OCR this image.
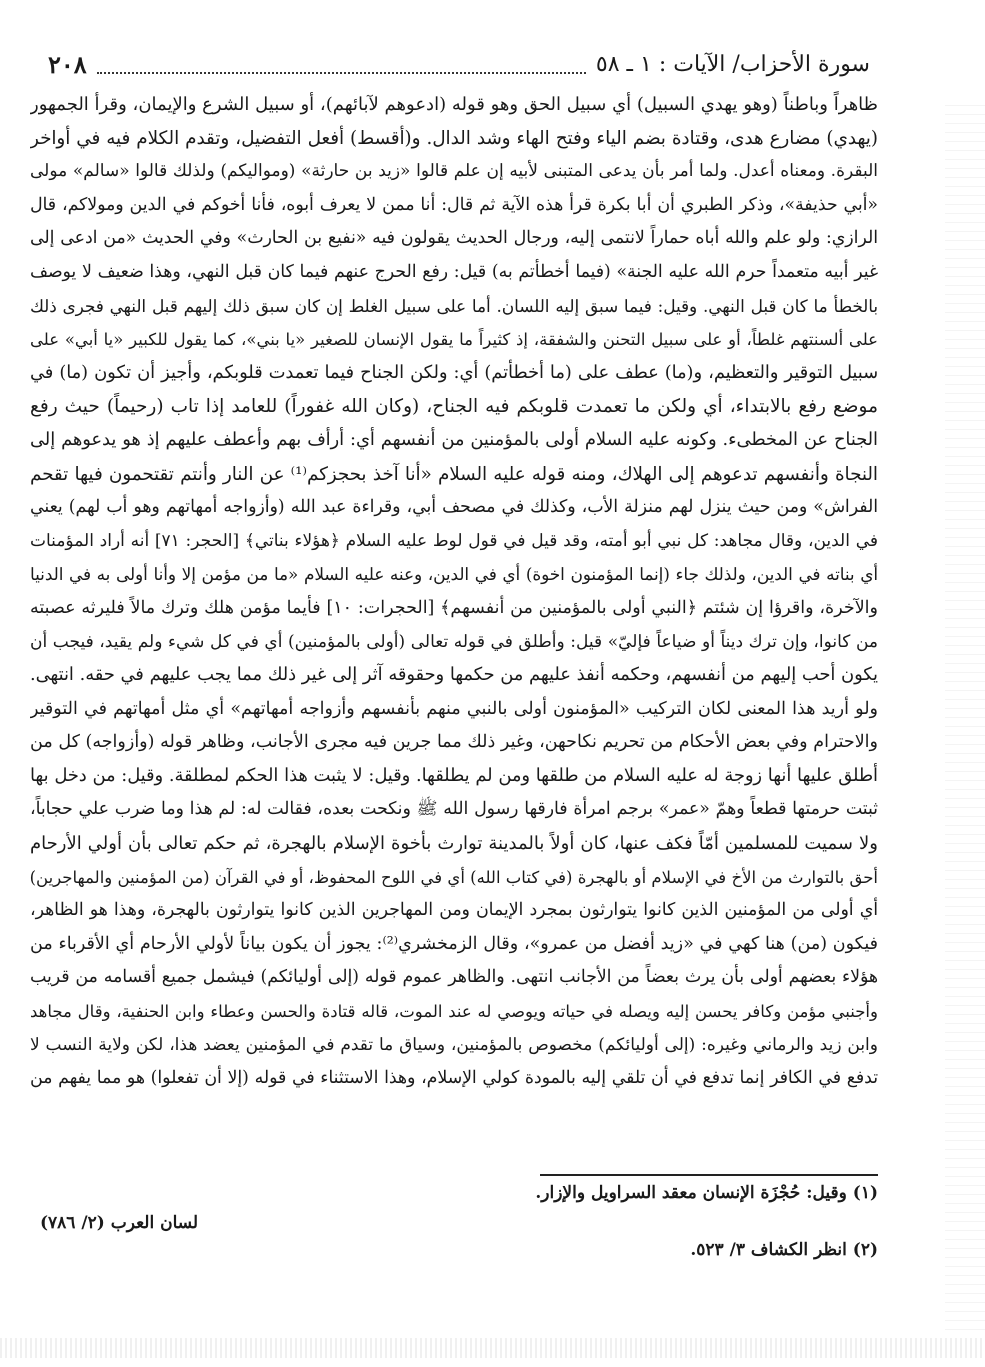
٢٠٨	سورة الأحزاب/ الآيات : ١ ـ ٥٨
ظاهراً وباطناً (وهو يهدي السبيل) أي سبيل الحق وهو قوله (ادعوهم لآبائهم)، أو سبيل الشرع والإيمان، وقرأ الجمهور
(يهدي) مضارع هدى، وقتادة بضم الياء وفتح الهاء وشد الدال. و(أقسط) أفعل التفضيل، وتقدم الكلام فيه في أواخر
البقرة. ومعناه أعدل. ولما أمر بأن يدعى المتبنى لأبيه إن علم قالوا «زيد بن حارثة» (ومواليكم) ولذلك قالوا «سالم» مولى
«أبي حذيفة»، وذكر الطبري أن أبا بكرة قرأ هذه الآية ثم قال: أنا ممن لا يعرف أبوه، فأنا أخوكم في الدين ومولاكم، قال
الرازي: ولو علم والله أباه حماراً لانتمى إليه، ورجال الحديث يقولون فيه «نفيع بن الحارث» وفي الحديث «من ادعى إلى
غير أبيه متعمداً حرم الله عليه الجنة» (فيما أخطأتم به) قيل: رفع الحرج عنهم فيما كان قبل النهي، وهذا ضعيف لا يوصف
بالخطأ ما كان قبل النهي. وقيل: فيما سبق إليه اللسان. أما على سبيل الغلط إن كان سبق ذلك إليهم قبل النهي فجرى ذلك
على ألسنتهم غلطاً، أو على سبيل التحنن والشفقة، إذ كثيراً ما يقول الإنسان للصغير «يا بني»، كما يقول للكبير «يا أبي» على
سبيل التوقير والتعظيم، و(ما) عطف على (ما أخطأتم) أي: ولكن الجناح فيما تعمدت قلوبكم، وأجيز أن تكون (ما) في
موضع رفع بالابتداء، أي ولكن ما تعمدت قلوبكم فيه الجناح، (وكان الله غفوراً) للعامد إذا تاب (رحيماً) حيث رفع
الجناح عن المخطىء. وكونه عليه السلام أولى بالمؤمنين من أنفسهم أي: أرأف بهم وأعطف عليهم إذ هو يدعوهم إلى
النجاة وأنفسهم تدعوهم إلى الهلاك، ومنه قوله عليه السلام «أنا آخذ بحجزكم⁽¹⁾ عن النار وأنتم تقتحمون فيها تقحم
الفراش» ومن حيث ينزل لهم منزلة الأب، وكذلك في مصحف أبي، وقراءة عبد الله (وأزواجه أمهاتهم وهو أب لهم) يعني
في الدين، وقال مجاهد: كل نبي أبو أمته، وقد قيل في قول لوط عليه السلام ﴿هؤلاء بناتي﴾ [الحجر: ٧١] أنه أراد المؤمنات
أي بناته في الدين، ولذلك جاء (إنما المؤمنون اخوة) أي في الدين، وعنه عليه السلام «ما من مؤمن إلا وأنا أولى به في الدنيا
والآخرة، واقرؤا إن شئتم ﴿النبي أولى بالمؤمنين من أنفسهم﴾ [الحجرات: ١٠] فأيما مؤمن هلك وترك مالاً فليرثه عصبته
من كانوا، وإن ترك ديناً أو ضياعاً فإليّ» قيل: وأطلق في قوله تعالى (أولى بالمؤمنين) أي في كل شيء ولم يقيد، فيجب أن
يكون أحب إليهم من أنفسهم، وحكمه أنفذ عليهم من حكمها وحقوقه آثر إلى غير ذلك مما يجب عليهم في حقه. انتهى.
ولو أريد هذا المعنى لكان التركيب «المؤمنون أولى بالنبي منهم بأنفسهم وأزواجه أمهاتهم» أي مثل أمهاتهم في التوقير
والاحترام وفي بعض الأحكام من تحريم نكاحهن، وغير ذلك مما جرين فيه مجرى الأجانب، وظاهر قوله (وأزواجه) كل من
أطلق عليها أنها زوجة له عليه السلام من طلقها ومن لم يطلقها. وقيل: لا يثبت هذا الحكم لمطلقة. وقيل: من دخل بها
ثبتت حرمتها قطعاً وهمّ «عمر» برجم امرأة فارقها رسول الله ﷺ ونكحت بعده، فقالت له: لم هذا وما ضرب علي حجاباً،
ولا سميت للمسلمين أمّاً فكف عنها، كان أولاً بالمدينة توارث بأخوة الإسلام بالهجرة، ثم حكم تعالى بأن أولي الأرحام
أحق بالتوارث من الأخ في الإسلام أو بالهجرة (في كتاب الله) أي في اللوح المحفوظ، أو في القرآن (من المؤمنين والمهاجرين)
أي أولى من المؤمنين الذين كانوا يتوارثون بمجرد الإيمان ومن المهاجرين الذين كانوا يتوارثون بالهجرة، وهذا هو الظاهر،
فيكون (من) هنا كهي في «زيد أفضل من عمرو»، وقال الزمخشري⁽²⁾: يجوز أن يكون بياناً لأولي الأرحام أي الأقرباء من
هؤلاء بعضهم أولى بأن يرث بعضاً من الأجانب انتهى. والظاهر عموم قوله (إلى أوليائكم) فيشمل جميع أقسامه من قريب
وأجنبي مؤمن وكافر يحسن إليه ويصله في حياته ويوصي له عند الموت، قاله قتادة والحسن وعطاء وابن الحنفية، وقال مجاهد
وابن زيد والرماني وغيره: (إلى أوليائكم) مخصوص بالمؤمنين، وسياق ما تقدم في المؤمنين يعضد هذا، لكن ولاية النسب لا
تدفع في الكافر إنما تدفع في أن تلقي إليه بالمودة كولي الإسلام، وهذا الاستثناء في قوله (إلا أن تفعلوا) هو مما يفهم من
(١) وقيل: حُجْزَة الإنسان معقد السراويل والإزار.
لسان العرب (٢/ ٧٨٦)
(٢) انظر الكشاف ٣/ ٥٢٣.
